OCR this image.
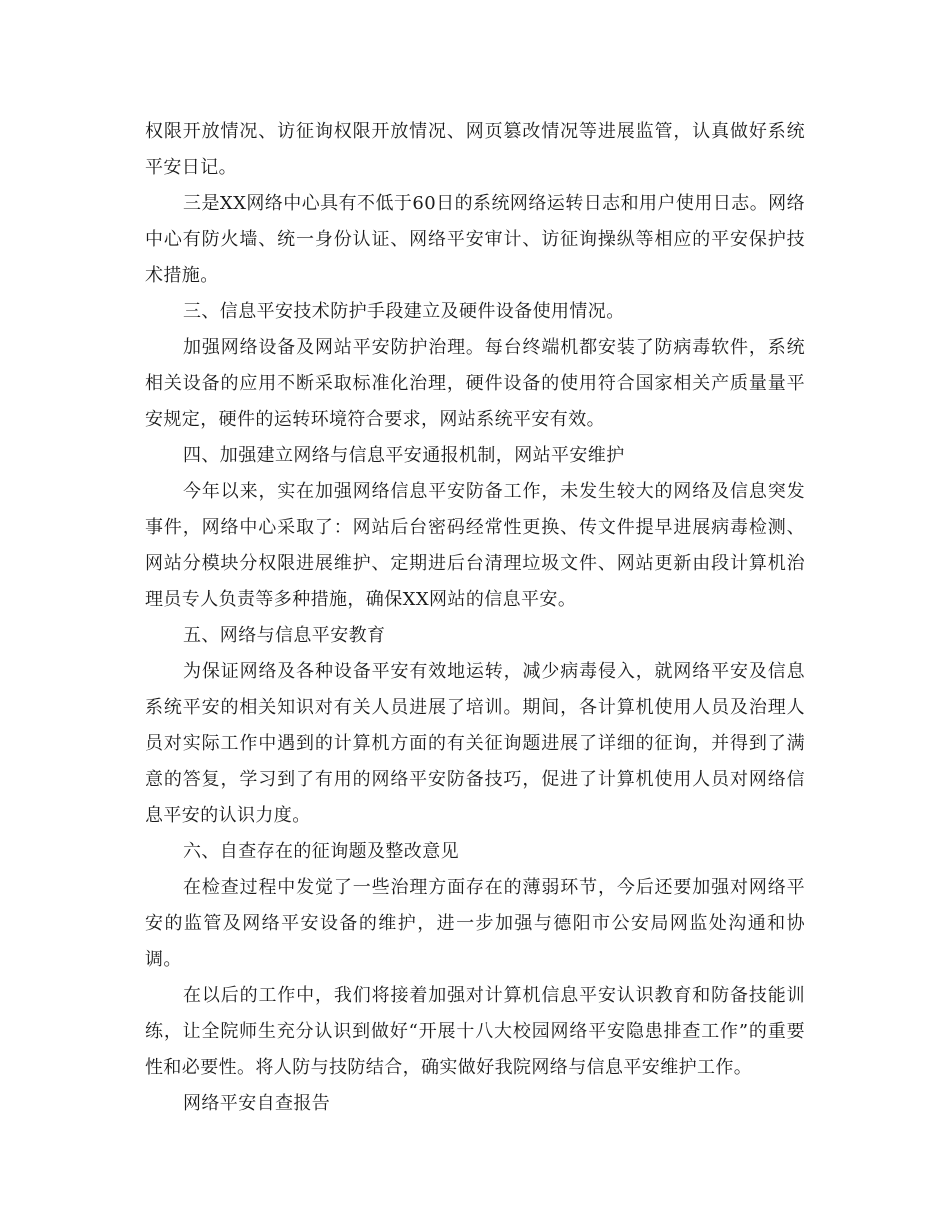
权限开放情况、访征询权限开放情况、网页篡改情况等进展监管，认真做好系统平安日记。

三是XX网络中心具有不低于60日的系统网络运转日志和用户使用日志。网络中心有防火墙、统一身份认证、网络平安审计、访征询操纵等相应的平安保护技术措施。

三、信息平安技术防护手段建立及硬件设备使用情况。

加强网络设备及网站平安防护治理。每台终端机都安装了防病毒软件，系统相关设备的应用不断采取标准化治理，硬件设备的使用符合国家相关产质量量平安规定，硬件的运转环境符合要求，网站系统平安有效。

四、加强建立网络与信息平安通报机制，网站平安维护

今年以来，实在加强网络信息平安防备工作，未发生较大的网络及信息突发事件，网络中心采取了：网站后台密码经常性更换、传文件提早进展病毒检测、网站分模块分权限进展维护、定期进后台清理垃圾文件、网站更新由段计算机治理员专人负责等多种措施，确保XX网站的信息平安。

五、网络与信息平安教育

为保证网络及各种设备平安有效地运转，减少病毒侵入，就网络平安及信息系统平安的相关知识对有关人员进展了培训。期间，各计算机使用人员及治理人员对实际工作中遇到的计算机方面的有关征询题进展了详细的征询，并得到了满意的答复，学习到了有用的网络平安防备技巧，促进了计算机使用人员对网络信息平安的认识力度。

六、自查存在的征询题及整改意见

在检查过程中发觉了一些治理方面存在的薄弱环节，今后还要加强对网络平安的监管及网络平安设备的维护，进一步加强与德阳市公安局网监处沟通和协调。

在以后的工作中，我们将接着加强对计算机信息平安认识教育和防备技能训练，让全院师生充分认识到做好“开展十八大校园网络平安隐患排查工作”的重要性和必要性。将人防与技防结合，确实做好我院网络与信息平安维护工作。

网络平安自查报告
